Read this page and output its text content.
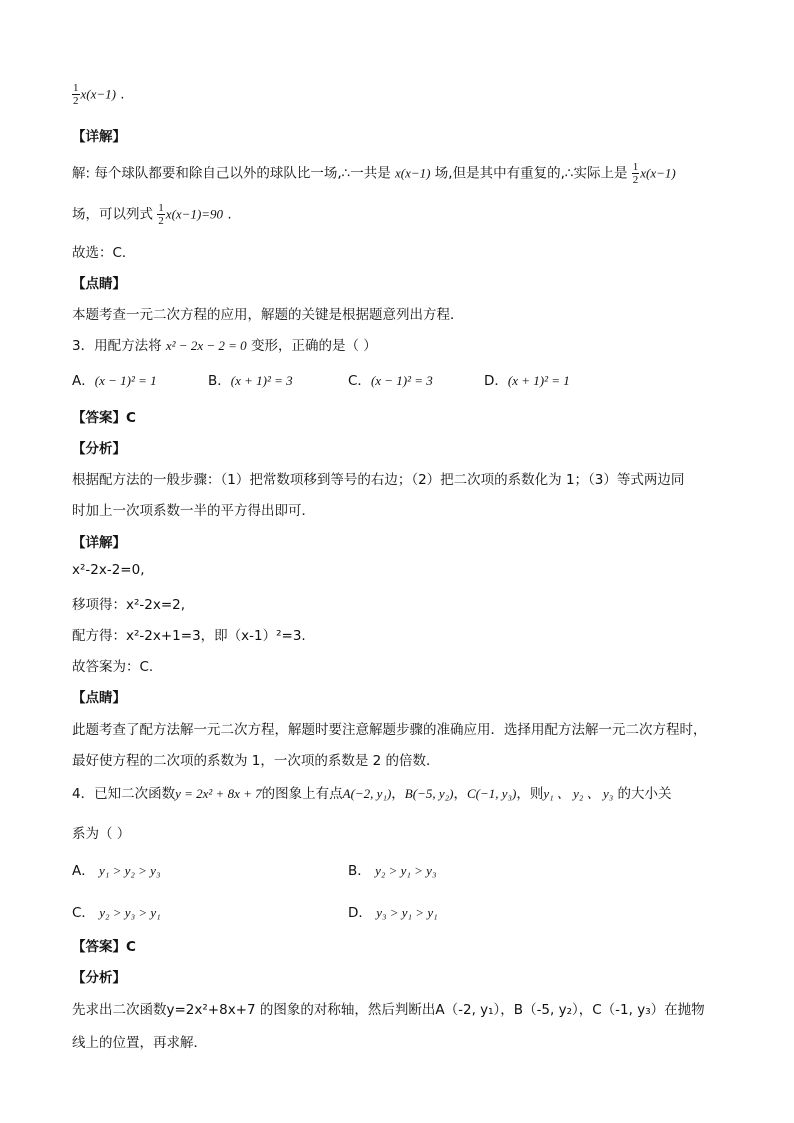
$\frac{1}{2} x(x-1)$ .
【详解】
解: 每个球队都要和除自己以外的球队比一场,∴一共是 x(x−1) 场,但是其中有重复的,∴实际上是 $\frac{1}{2} x(x-1)$
场，可以列式 $\frac{1}{2} x(x-1)=90$ .
故选：C．
【点睛】
本题考查一元二次方程的应用，解题的关键是根据题意列出方程．
3．用配方法将 x² − 2x − 2 = 0 变形，正确的是（ ）
A．(x − 1)² = 1	B．(x + 1)² = 3	C．(x − 1)² = 3	D．(x + 1)² = 1
【答案】C
【分析】
根据配方法的一般步骤：（1）把常数项移到等号的右边；（2）把二次项的系数化为 1；（3）等式两边同
时加上一次项系数一半的平方得出即可．
【详解】
x²-2x-2=0,
移项得：x²-2x=2,
配方得：x²-2x+1=3，即（x-1）²=3.
故答案为：C.
【点睛】
此题考查了配方法解一元二次方程，解题时要注意解题步骤的准确应用．选择用配方法解一元二次方程时，
最好使方程的二次项的系数为 1，一次项的系数是 2 的倍数．
4．已知二次函数y = 2x² + 8x + 7的图象上有点A(−2, y₁)，B(−5, y₂)，C(−1, y₃)，则y₁ 、 y₂ 、 y₃ 的大小关
系为（ ）
A． y₁ > y₂ > y₃	B． y₂ > y₁ > y₃
C． y₂ > y₃ > y₁	D． y₃ > y₁ > y₁
【答案】C
【分析】
先求出二次函数y=2x²+8x+7 的图象的对称轴，然后判断出A（-2, y₁），B（-5, y₂），C（-1, y₃）在抛物
线上的位置，再求解．
